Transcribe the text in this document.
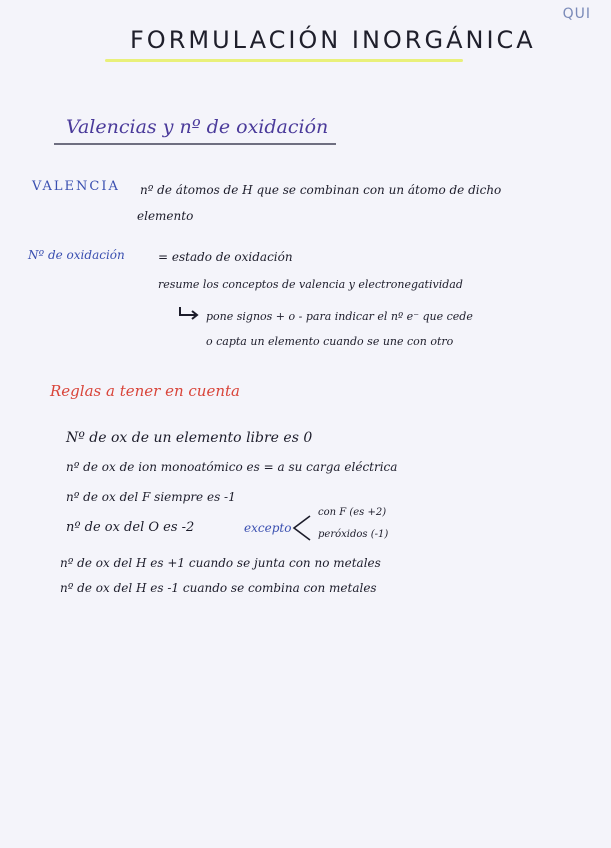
QUI
FORMULACIÓN INORGÁNICA
Valencias y nº de oxidación
VALENCIA nº de átomos de H que se combinan con un átomo de dicho
elemento
Nº de oxidación	= estado de oxidación
resume los conceptos de valencia y electronegatividad
pone signos + o - para indicar el nº e⁻ que cede
o capta un elemento cuando se une con otro
Reglas a tener en cuenta
Nº de ox de un elemento libre es 0
nº de ox de ion monoatómico es = a su carga eléctrica
nº de ox del F siempre es -1
nº de ox del O es -2	excepto
con F (es +2)
peróxidos (-1)
nº de ox del H es +1 cuando se junta con no metales
nº de ox del H es -1 cuando se combina con metales
